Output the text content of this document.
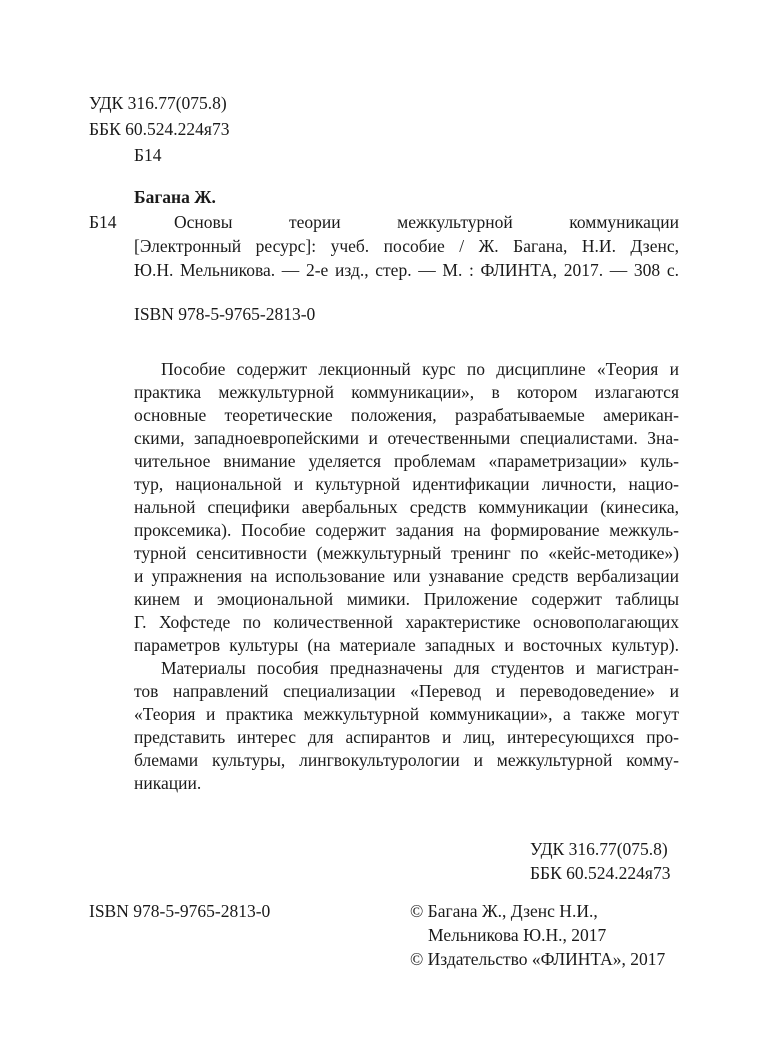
УДК 316.77(075.8)
ББК 60.524.224я73
Б14
Багана Ж.
Б14	Основы теории межкультурной коммуникации
[Электронный ресурс]: учеб. пособие / Ж. Багана, Н.И. Дзенс,
Ю.Н. Мельникова. — 2-е изд., стер. — М. : ФЛИНТА, 2017. — 308 с.
ISBN 978-5-9765-2813-0
Пособие содержит лекционный курс по дисциплине «Теория и
практика межкультурной коммуникации», в котором излагаются
основные теоретические положения, разрабатываемые американ-
скими, западноевропейскими и отечественными специалистами. Зна-
чительное внимание уделяется проблемам «параметризации» куль-
тур, национальной и культурной идентификации личности, нацио-
нальной специфики авербальных средств коммуникации (кинесика,
проксемика). Пособие содержит задания на формирование межкуль-
турной сенситивности (межкультурный тренинг по «кейс-методике»)
и упражнения на использование или узнавание средств вербализации
кинем и эмоциональной мимики. Приложение содержит таблицы
Г. Хофстеде по количественной характеристике основополагающих
параметров культуры (на материале западных и восточных культур).
Материалы пособия предназначены для студентов и магистран-
тов направлений специализации «Перевод и переводоведение» и
«Теория и практика межкультурной коммуникации», а также могут
представить интерес для аспирантов и лиц, интересующихся про-
блемами культуры, лингвокультурологии и межкультурной комму-
никации.
УДК 316.77(075.8)
ББК 60.524.224я73
ISBN 978-5-9765-2813-0	© Багана Ж., Дзенс Н.И.,
Мельникова Ю.Н., 2017
© Издательство «ФЛИНТА», 2017
